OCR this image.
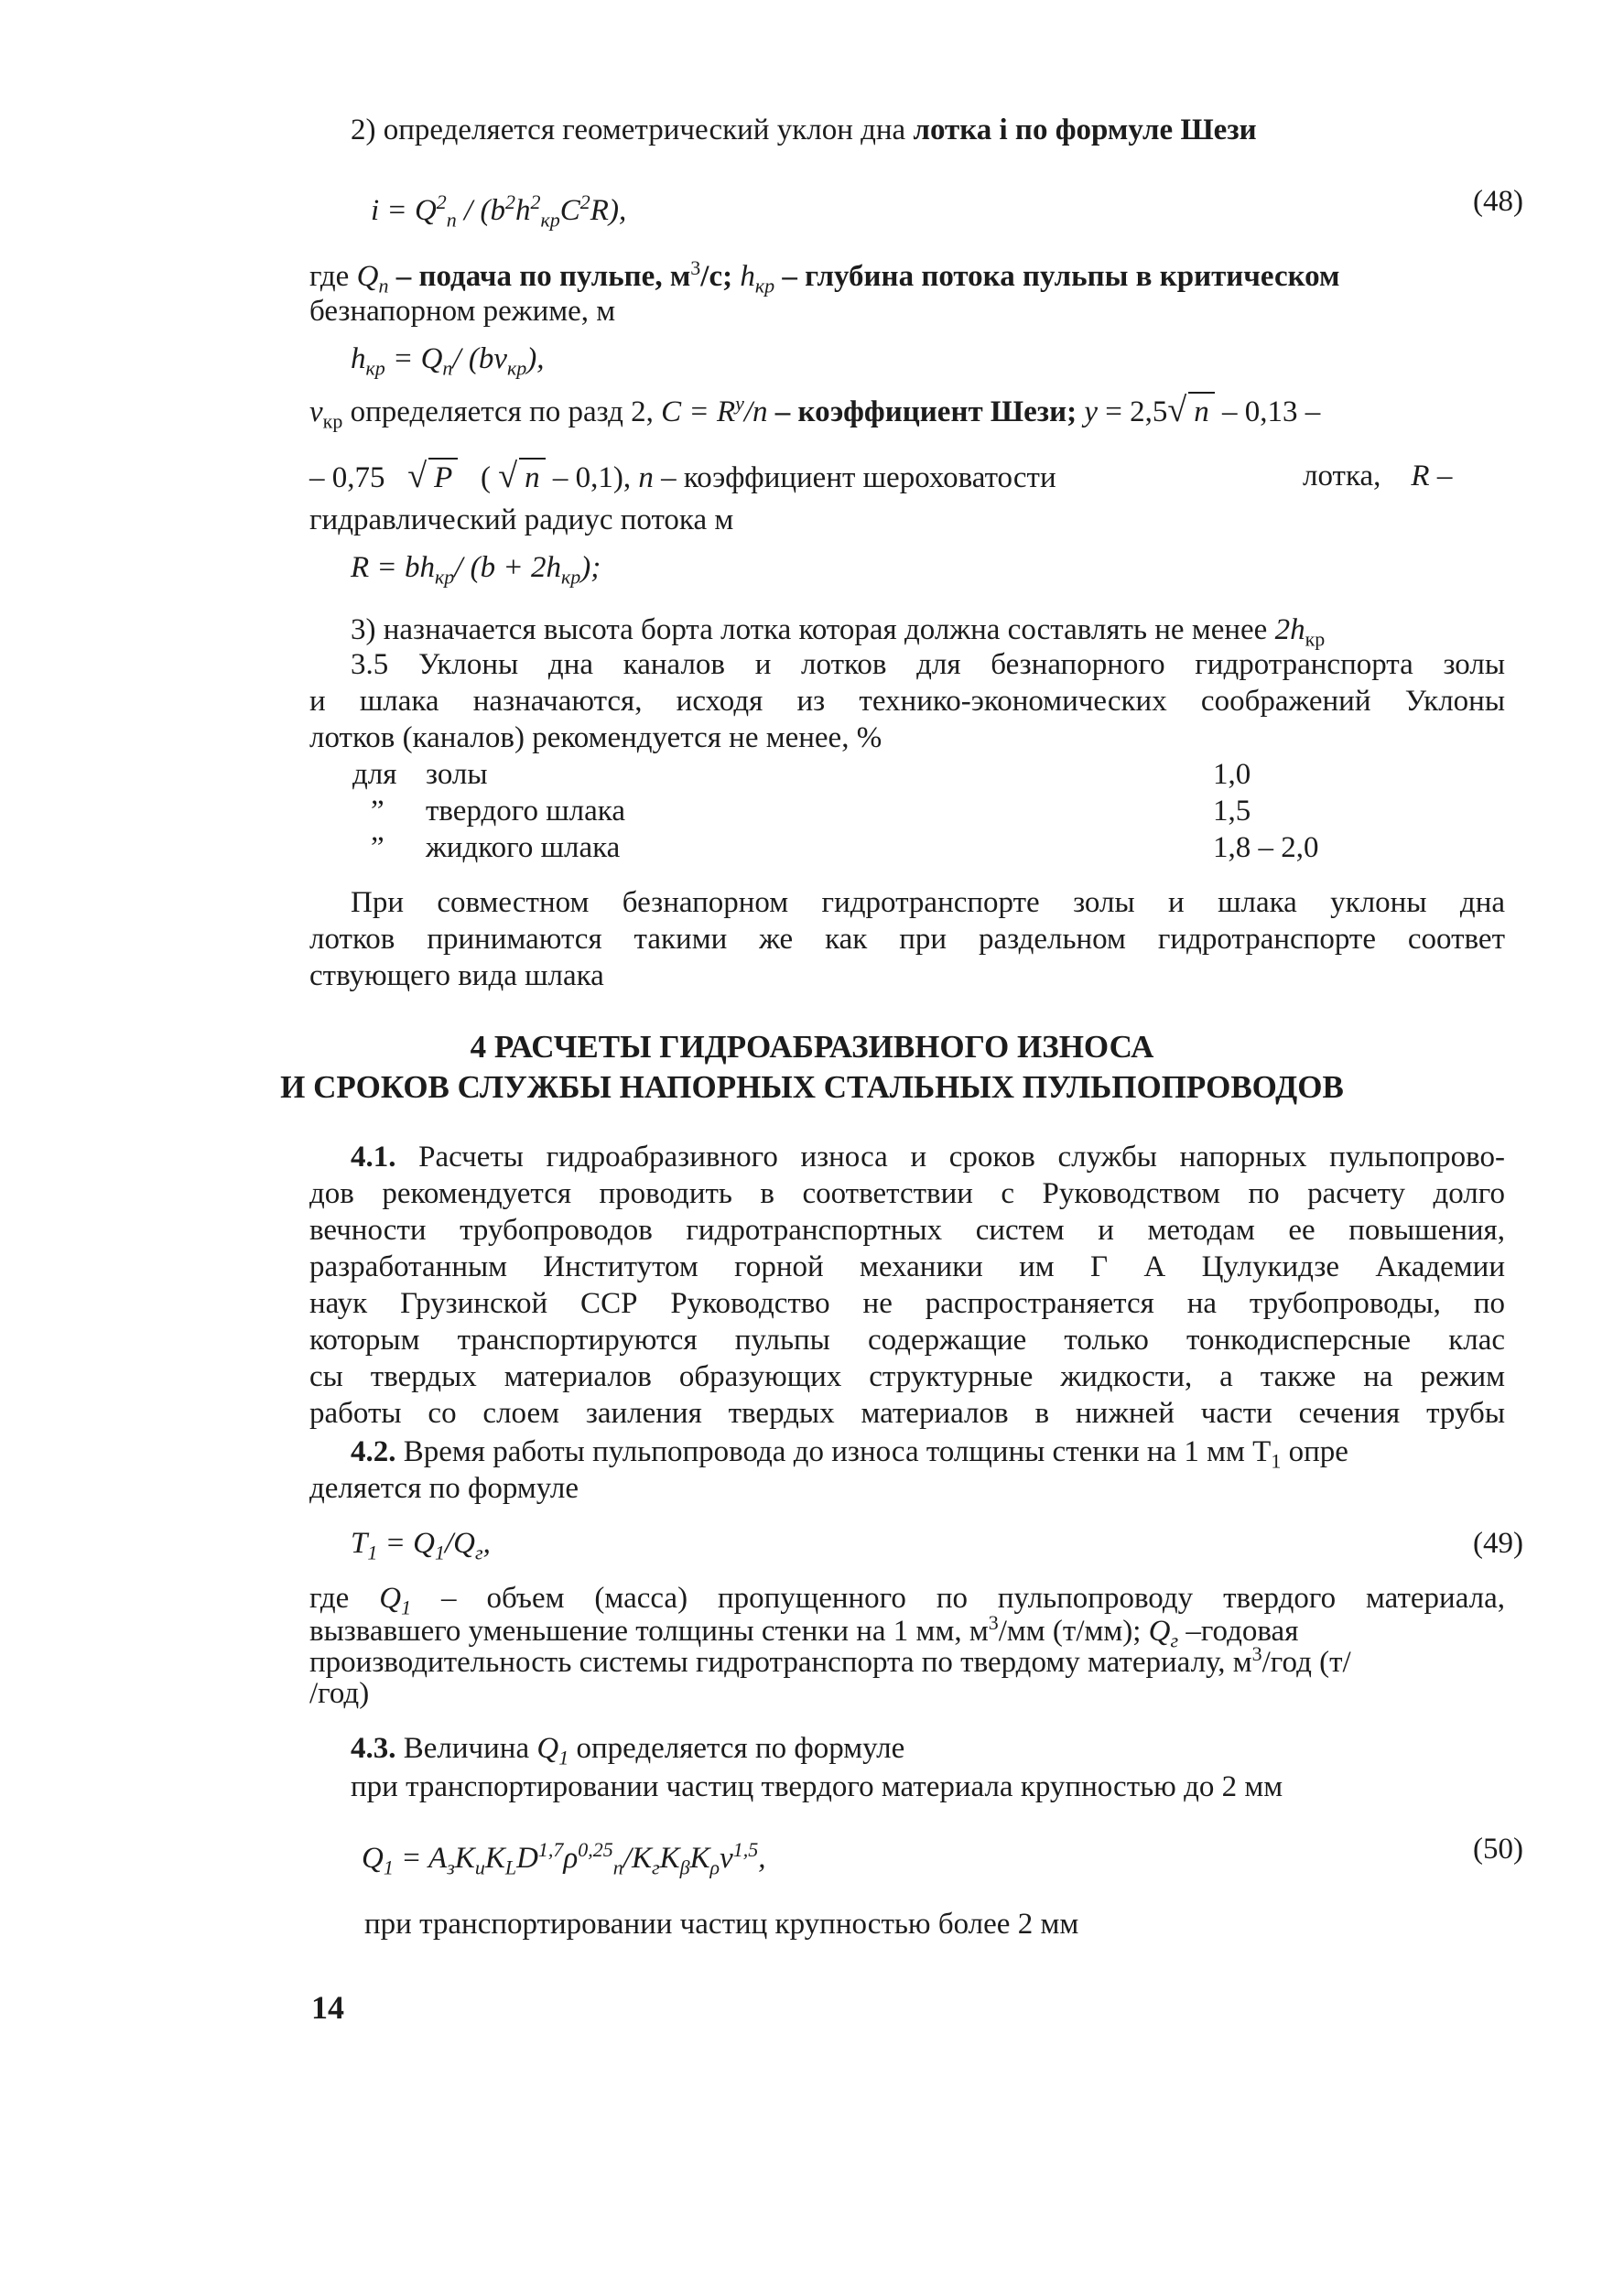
2) определяется геометрический уклон дна лотка i по формуле Шези
$i = Q^2_п / (b^2h^2_{кр}C^2R)$,	(48)
где $Q_п$ – подача по пульпе, $м^3/с$; $h_{кр}$ – глубина потока пульпы в критическом
безнапорном режиме, м
$h_{кр} = Q_п/$ $(bv_{кр})$,
$v_{кр}$ определяется по разд 2, $C = R^y/n$ – коэффициент Шези; y = 2,5√ n – 0,13 –
– 0,75 √ P ( √ n – 0,1), n – коэффициент шероховатости	лотка, R –
гидравлический радиус потока м
$R = bh_{кр}/$ $(b + 2h_{кр})$;
3) назначается высота борта лотка которая должна составлять не менее $2h_{кр}$
3.5 Уклоны дна каналов и лотков для безнапорного гидротранспорта золы
и шлака назначаются, исходя из технико-экономических соображений Уклоны
лотков (каналов) рекомендуется не менее, %
для золы	1,0
” твердого шлака	1,5
” жидкого шлака	1,8 – 2,0
При совместном безнапорном гидротранспорте золы и шлака уклоны дна
лотков принимаются такими же как при раздельном гидротранспорте соответ
ствующего вида шлака
4 РАСЧЕТЫ ГИДРОАБРАЗИВНОГО ИЗНОСА
И СРОКОВ СЛУЖБЫ НАПОРНЫХ СТАЛЬНЫХ ПУЛЬПОПРОВОДОВ
4.1. Расчеты гидроабразивного износа и сроков службы напорных пульпопрово-
дов рекомендуется проводить в соответствии с Руководством по расчету долго
вечности трубопроводов гидротранспортных систем и методам ее повышения,
разработанным Институтом горной механики им Г А Цулукидзе Академии
наук Грузинской ССР Руководство не распространяется на трубопроводы, по
которым транспортируются пульпы содержащие только тонкодисперсные клас
сы твердых материалов образующих структурные жидкости, а также на режим
работы со слоем заиления твердых материалов в нижней части сечения трубы
4.2. Время работы пульпопровода до износа толщины стенки на 1 мм $T_1$ опре
деляется по формуле
$T_1 = Q_1/Q_г$,	(49)
где $Q_1$ – объем (масса) пропущенного по пульпопроводу твердого материала,
вызвавшего уменьшение толщины стенки на 1 мм, $м^3/мм$ (т/мм); $Q_г$ –годовая
производительность системы гидротранспорта по твердому материалу, $м^3$/год (т/
/год)
4.3. Величина $Q_1$ определяется по формуле
при транспортировании частиц твердого материала крупностью до 2 мм
$Q_1 = A_зK_иK_LD^{1,7}\rho^{0,25}_п/K_гK_\beta K_\rho v^{1,5}$,	(50)
при транспортировании частиц крупностью более 2 мм
14
